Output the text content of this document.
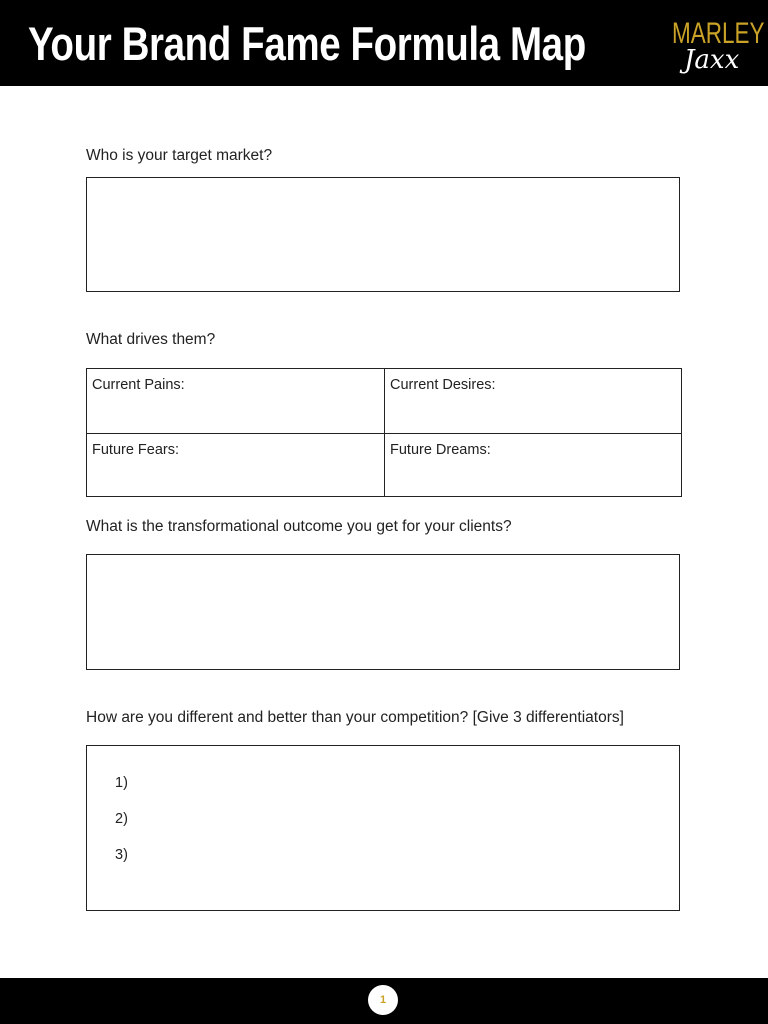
Your Brand Fame Formula Map	MARLEY
Jaxx
Who is your target market?
What drives them?
Current Pains:	Current Desires:
Future Fears:	Future Dreams:
What is the transformational outcome you get for your clients?
How are you different and better than your competition? [Give 3 differentiators]
1)
2)
3)
1
